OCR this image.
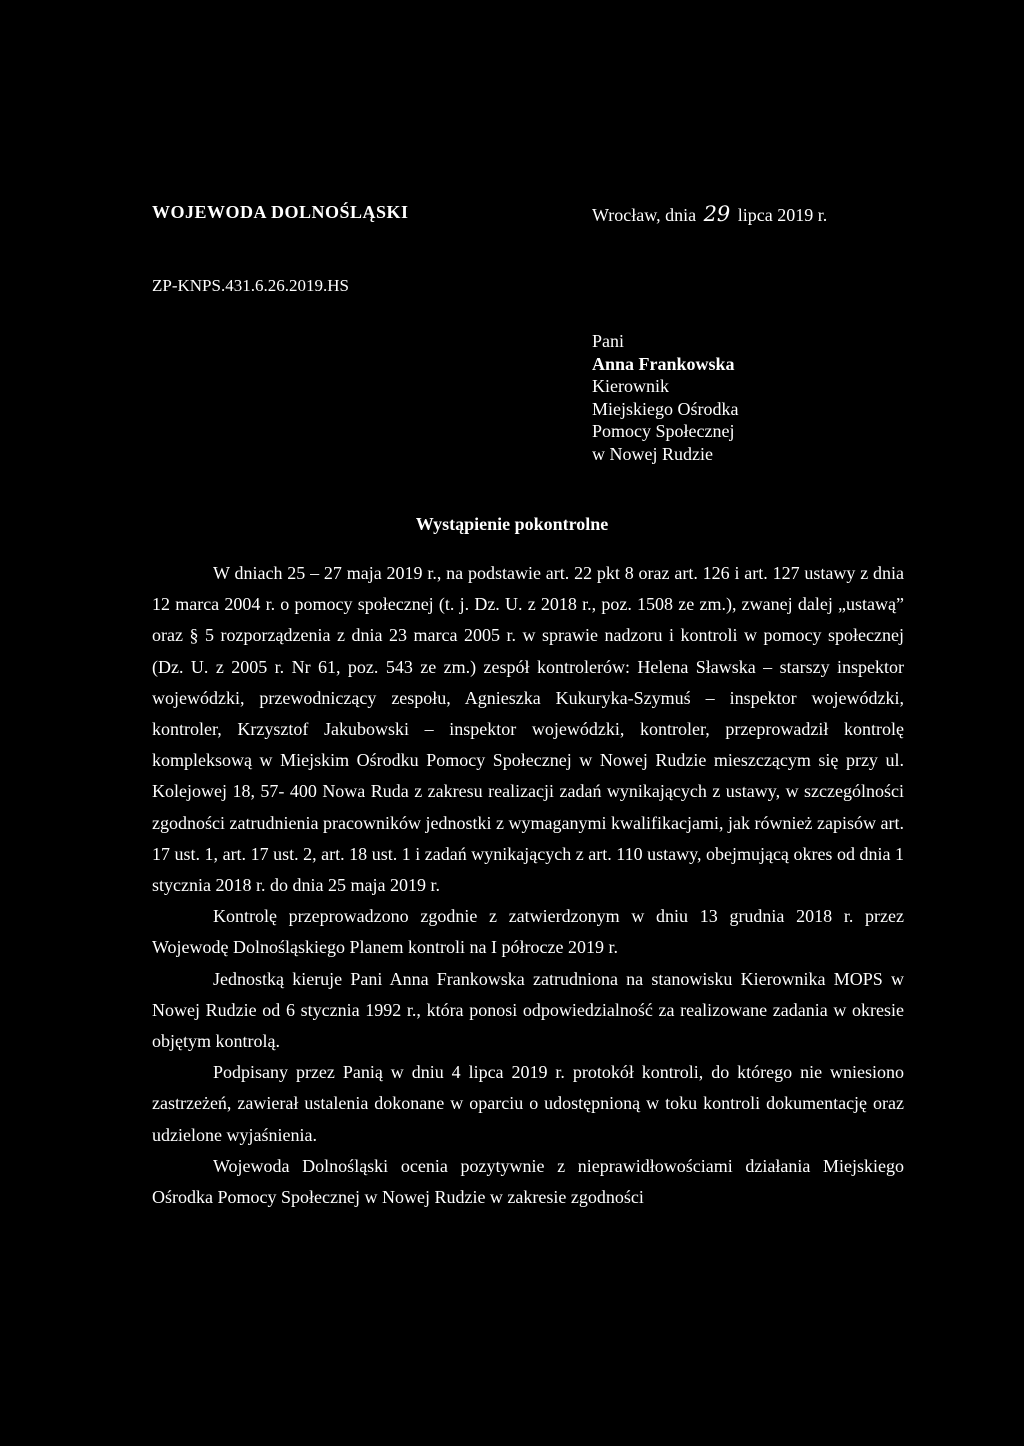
WOJEWODA DOLNOŚLĄSKI	Wrocław, dnia 29 lipca 2019 r.
ZP-KNPS.431.6.26.2019.HS
Pani
Anna Frankowska
Kierownik
Miejskiego Ośrodka
Pomocy Społecznej
w Nowej Rudzie
Wystąpienie pokontrolne

W dniach 25 – 27 maja 2019 r., na podstawie art. 22 pkt 8 oraz art. 126 i art. 127 ustawy z dnia 12 marca 2004 r. o pomocy społecznej (t. j. Dz. U. z 2018 r., poz. 1508 ze zm.), zwanej dalej „ustawą” oraz § 5 rozporządzenia z dnia 23 marca 2005 r. w sprawie nadzoru i kontroli w pomocy społecznej (Dz. U. z 2005 r. Nr 61, poz. 543 ze zm.) zespół kontrolerów: Helena Sławska – starszy inspektor wojewódzki, przewodniczący zespołu, Agnieszka Kukuryka-Szymuś – inspektor wojewódzki, kontroler, Krzysztof Jakubowski – inspektor wojewódzki, kontroler, przeprowadził kontrolę kompleksową w Miejskim Ośrodku Pomocy Społecznej w Nowej Rudzie mieszczącym się przy ul. Kolejowej 18, 57- 400 Nowa Ruda z zakresu realizacji zadań wynikających z ustawy, w szczególności zgodności zatrudnienia pracowników jednostki z wymaganymi kwalifikacjami, jak również zapisów art. 17 ust. 1, art. 17 ust. 2, art. 18 ust. 1 i zadań wynikających z art. 110 ustawy, obejmującą okres od dnia 1 stycznia 2018 r. do dnia 25 maja 2019 r.

Kontrolę przeprowadzono zgodnie z zatwierdzonym w dniu 13 grudnia 2018 r. przez Wojewodę Dolnośląskiego Planem kontroli na I półrocze 2019 r.

Jednostką kieruje Pani Anna Frankowska zatrudniona na stanowisku Kierownika MOPS w Nowej Rudzie od 6 stycznia 1992 r., która ponosi odpowiedzialność za realizowane zadania w okresie objętym kontrolą.

Podpisany przez Panią w dniu 4 lipca 2019 r. protokół kontroli, do którego nie wniesiono zastrzeżeń, zawierał ustalenia dokonane w oparciu o udostępnioną w toku kontroli dokumentację oraz udzielone wyjaśnienia.

Wojewoda Dolnośląski ocenia pozytywnie z nieprawidłowościami działania Miejskiego Ośrodka Pomocy Społecznej w Nowej Rudzie w zakresie zgodności
